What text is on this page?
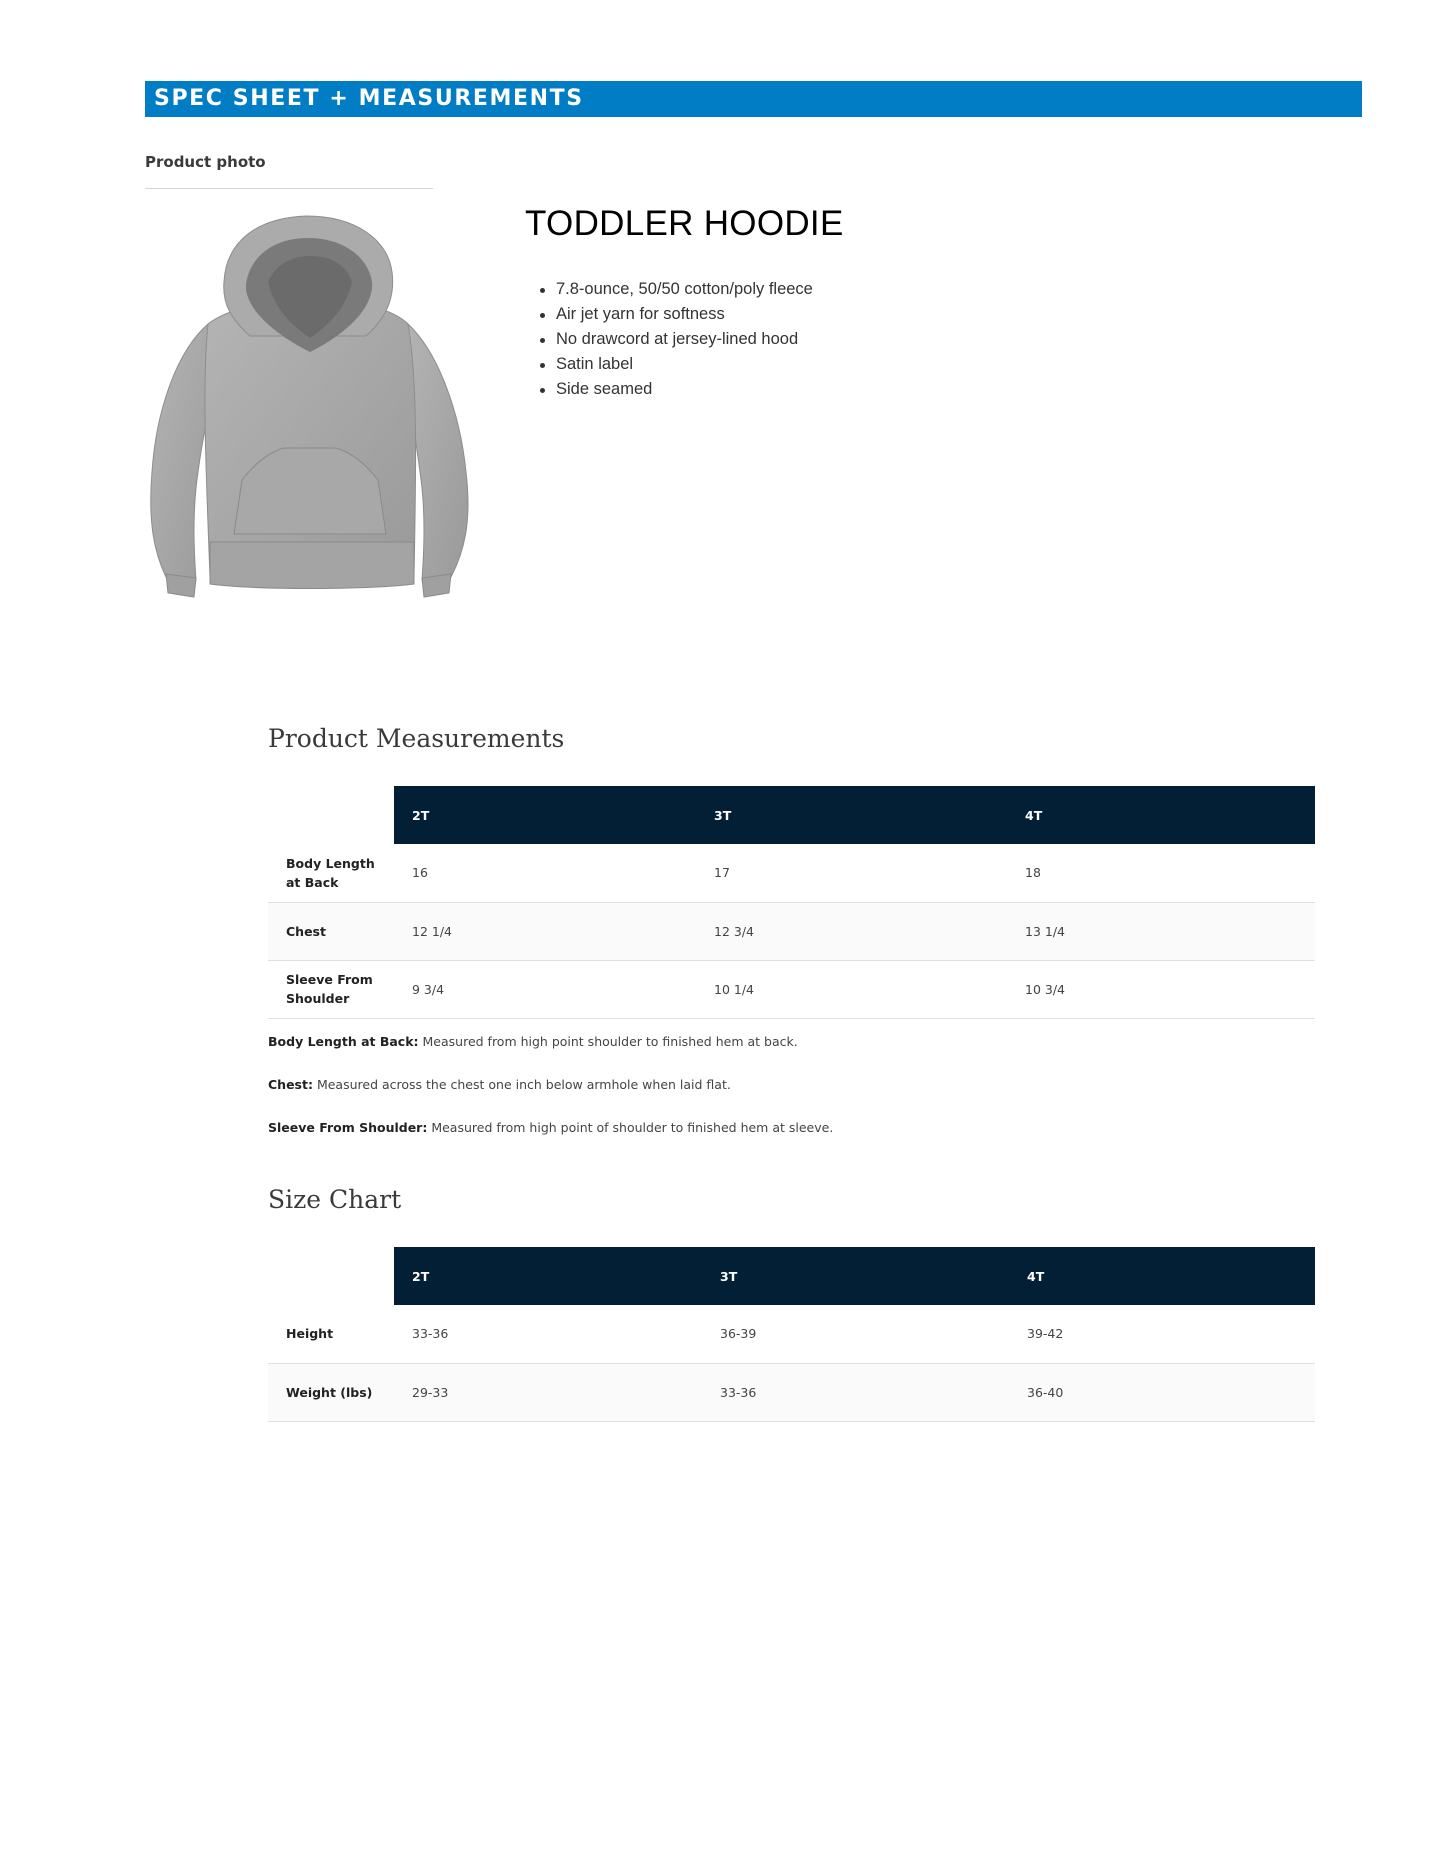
SPEC SHEET + MEASUREMENTS
Product photo
TODDLER HOODIE
7.8-ounce, 50/50 cotton/poly fleece
Air jet yarn for softness
No drawcord at jersey-lined hood
Satin label
Side seamed
Product Measurements
	2T	3T	4T
Body Length at Back	16	17	18
Chest	12 1/4	12 3/4	13 1/4
Sleeve From Shoulder	9 3/4	10 1/4	10 3/4

Body Length at Back: Measured from high point shoulder to finished hem at back.

Chest: Measured across the chest one inch below armhole when laid flat.

Sleeve From Shoulder: Measured from high point of shoulder to finished hem at sleeve.

Size Chart
	2T	3T	4T
Height	33-36	36-39	39-42
Weight (lbs)	29-33	33-36	36-40
